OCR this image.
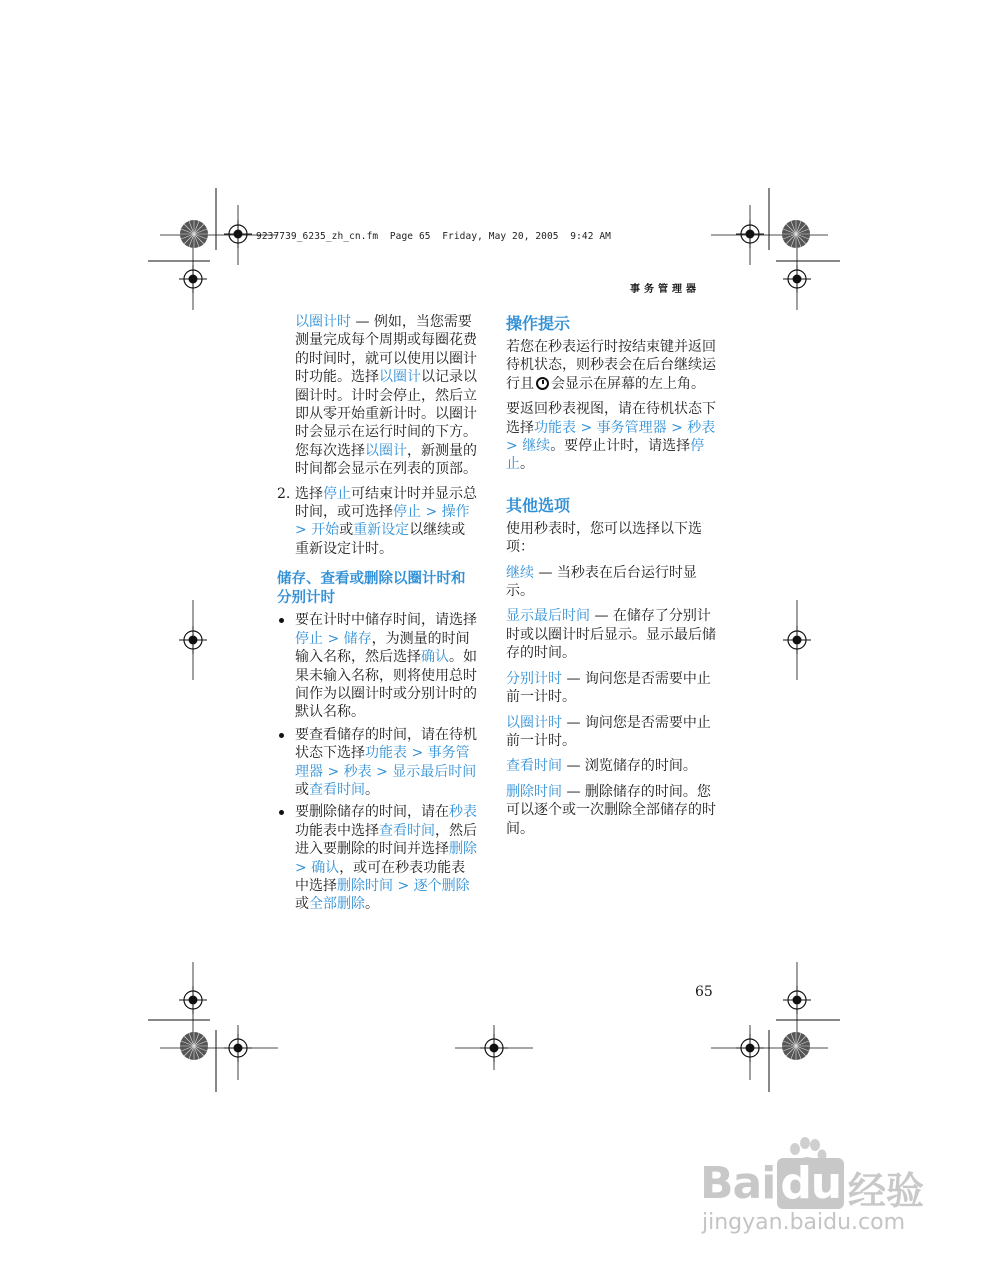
9237739_6235_zh_cn.fm  Page 65  Friday, May 20, 2005  9:42 AM
事务管理器

以圈计时 — 例如，当您需要测量完成每个周期或每圈花费的时间时，就可以使用以圈计时功能。选择以圈计以记录以圈计时。计时会停止，然后立即从零开始重新计时。以圈计时会显示在运行时间的下方。您每次选择以圈计，新测量的时间都会显示在列表的顶部。

2. 选择停止可结束计时并显示总时间，或可选择停止 > 操作 > 开始或重新设定以继续或重新设定计时。

储存、查看或删除以圈计时和分别计时

要在计时中储存时间，请选择停止 > 储存，为测量的时间输入名称，然后选择确认。如果未输入名称，则将使用总时间作为以圈计时或分别计时的默认名称。

要查看储存的时间，请在待机状态下选择功能表 > 事务管理器 > 秒表 > 显示最后时间或查看时间。

要删除储存的时间，请在秒表功能表中选择查看时间，然后进入要删除的时间并选择删除 > 确认，或可在秒表功能表中选择删除时间 > 逐个删除或全部删除。

操作提示

若您在秒表运行时按结束键并返回待机状态，则秒表会在后台继续运行且 会显示在屏幕的左上角。

要返回秒表视图，请在待机状态下选择功能表 > 事务管理器 > 秒表 > 继续。要停止计时，请选择停止。

其他选项

使用秒表时，您可以选择以下选项：

继续 — 当秒表在后台运行时显示。

显示最后时间 — 在储存了分别计时或以圈计时后显示。显示最后储存的时间。

分别计时 — 询问您是否需要中止前一计时。

以圈计时 — 询问您是否需要中止前一计时。

查看时间 — 浏览储存的时间。

删除时间 — 删除储存的时间。您可以逐个或一次删除全部储存的时间。

65
Bai du 经验
jingyan.baidu.com
